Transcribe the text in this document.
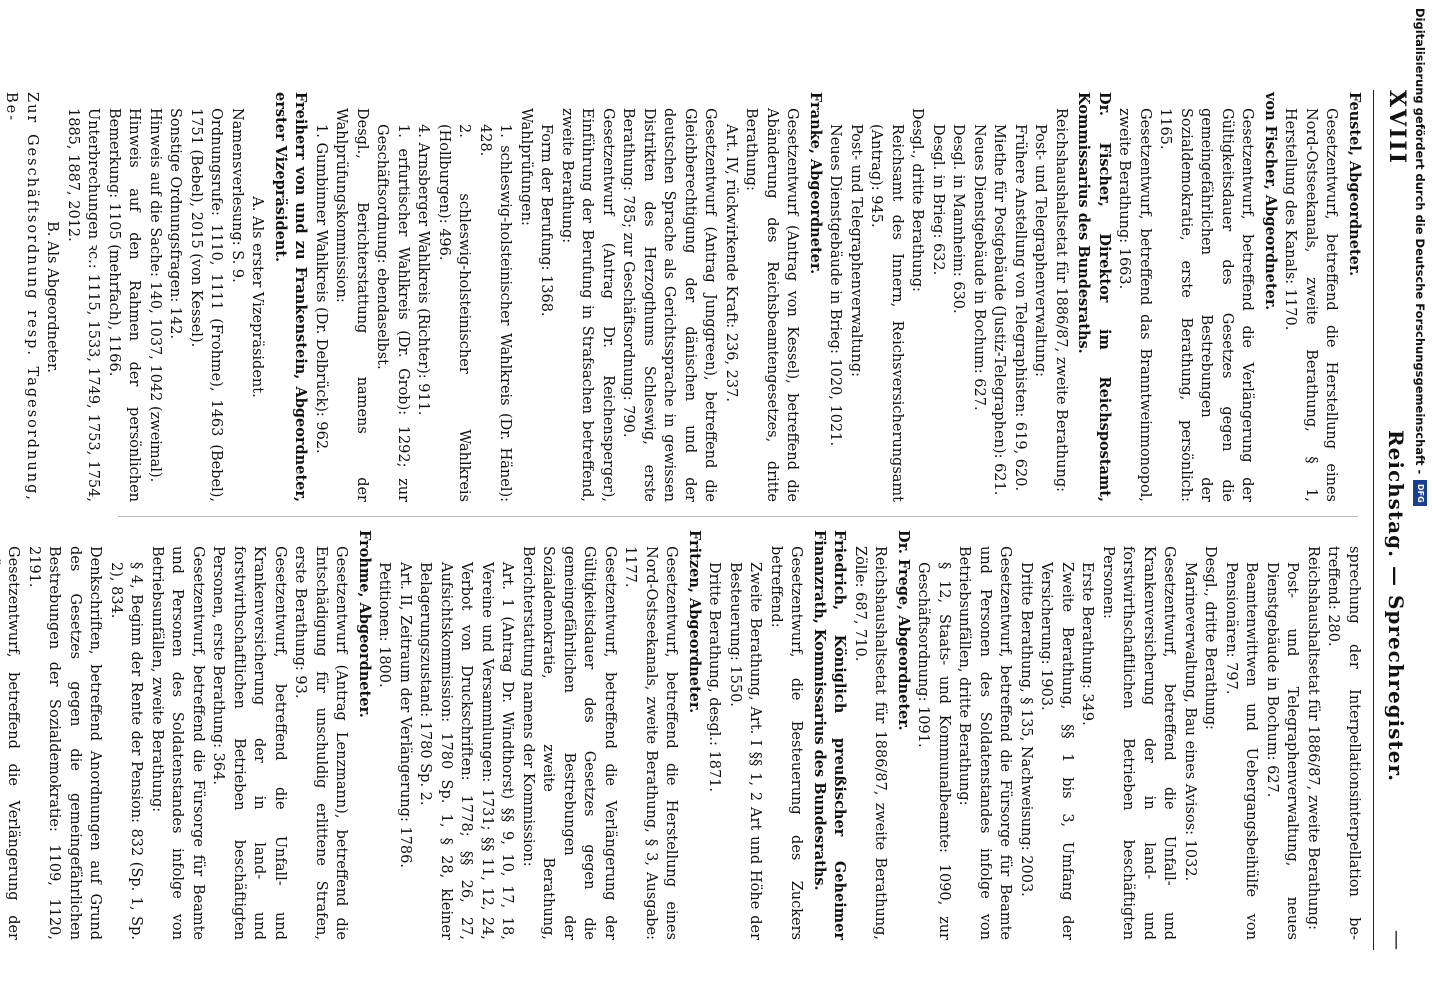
XVIII
Reichstag. — Sprechregister.
—
Feustel, Abgeordneter.
Gesetzentwurf, betreffend die Herstellung eines Nord-Ostseekanals, zweite Berathung, § 1, Herstellung des Kanals: 1170.
von Fischer, Abgeordneter.
Gesetzentwurf, betreffend die Verlängerung der Gültigkeitsdauer des Gesetzes gegen die gemeingefährlichen Bestrebungen der Sozialdemokratie, erste Berathung, persönlich: 1165.
Gesetzentwurf, betreffend das Branntweinmonopol, zweite Berathung: 1663.
Dr. Fischer, Direktor im Reichspostamt, Kommissarius des Bundesraths.
Reichshaushaltsetat für 1886/87, zweite Berathung:
Post- und Telegraphenverwaltung:
Frühere Anstellung von Telegraphisten: 619, 620.
Miethe für Postgebäude (Justiz-Telegraphen): 621.
Neues Dienstgebäude in Bochum: 627.
Desgl. in Mannheim: 630.
Desgl. in Brieg: 632.
Desgl., dritte Berathung:
Reichsamt des Innern, Reichsversicherungsamt (Antrag): 945.
Post- und Telegraphenverwaltung:
Neues Dienstgebäude in Brieg: 1020, 1021.
Franke, Abgeordneter.
Gesetzentwurf (Antrag von Kessel), betreffend die Abänderung des Reichsbeamtengesetzes, dritte Berathung:
Art. IV, rückwirkende Kraft: 236, 237.
Gesetzentwurf (Antrag Junggreen), betreffend die Gleichberechtigung der dänischen und der deutschen Sprache als Gerichtssprache in gewissen Distrikten des Herzogthums Schleswig, erste Berathung: 785; zur Geschäftsordnung: 790.
Gesetzentwurf (Antrag Dr. Reichensperger), Einführung der Berufung in Strafsachen betreffend, zweite Berathung:
Form der Berufung: 1368.
Wahlprüfungen:
1. schleswig-holsteinischer Wahlkreis (Dr. Hänel): 428.
2. schleswig-holsteinischer Wahlkreis (Hollburgen): 496.
4. Arnsberger Wahlkreis (Richter): 911.
1. erfurtischer Wahlkreis (Dr. Grob): 1292; zur Geschäftsordnung: ebendaselbst.
Desgl., Berichterstattung namens der Wahlprüfungskommission:
1. Gumbinner Wahlkreis (Dr. Delbrück): 962.
Freiherr von und zu Frankenstein, Abgeordneter, erster Vizepräsident.
A. Als erster Vizepräsident.
Namensverlesung: S. 9.
Ordnungsrufe: 1110, 1111 (Frohme), 1463 (Bebel), 1751 (Bebel), 2015 (von Kessel).
Sonstige Ordnungsfragen: 142.
Hinweis auf die Sache: 140, 1037, 1042 (zweimal).
Hinweis auf den Rahmen der persönlichen Bemerkung: 1105 (mehrfach), 1166.
Unterbrechungen ꝛc.: 1115, 1533, 1749, 1753, 1754, 1885, 1887, 2012.
B. Als Abgeordneter.
Zur Geschäftsordnung resp. Tagesordnung, Be-
sprechung der Interpellationsinterpellation be-treffend: 280.
Reichshaushaltsetat für 1886/87, zweite Berathung:
Post- und Telegraphenverwaltung, neues Dienstgebäude in Bochum: 627.
Beamtenwittwen und Uebergangsbeihülfe von Pensionären: 797.
Desgl., dritte Berathung:
Marineverwaltung, Bau eines Avisos: 1032.
Gesetzentwurf, betreffend die Unfall- und Krankenversicherung der in land- und forstwirthschaftlichen Betrieben beschäftigten Personen:
Erste Berathung: 349.
Zweite Berathung, §§ 1 bis 3, Umfang der Versicherung: 1903.
Dritte Berathung, § 135, Nachweisung: 2003.
Gesetzentwurf, betreffend die Fürsorge für Beamte und Personen des Soldatenstandes infolge von Betriebsunfällen, dritte Berathung:
§ 12, Staats- und Kommunalbeamte: 1090, zur Geschäftsordnung: 1091.
Dr. Frege, Abgeordneter.
Reichshaushaltsetat für 1886/87, zweite Berathung, Zölle: 687, 710.
Friedrich, Königlich preußischer Geheimer Finanzrath, Kommissarius des Bundesraths.
Gesetzentwurf, die Besteuerung des Zuckers betreffend:
Zweite Berathung, Art. I §§ 1, 2 Art und Höhe der Besteuerung: 1550.
Dritte Berathung, desgl.: 1871.
Fritzen, Abgeordneter.
Gesetzentwurf, betreffend die Herstellung eines Nord-Ostseekanals, zweite Berathung, § 3, Ausgabe: 1177.
Gesetzentwurf, betreffend die Verlängerung der Gültigkeitsdauer des Gesetzes gegen die gemeingefährlichen Bestrebungen der Sozialdemokratie, zweite Berathung, Berichterstattung namens der Kommission:
Art. 1 (Antrag Dr. Windthorst) §§ 9, 10, 17, 18, Vereine und Versammlungen: 1731; §§ 11, 12, 24, Verbot von Druckschriften: 1778; §§ 26, 27, Aufsichtskommission: 1780 Sp. 1, § 28, kleiner Belagerungszustand: 1780 Sp. 2.
Art. II, Zeitraum der Verlängerung: 1786.
Petitionen: 1800.
Frohme, Abgeordneter.
Gesetzentwurf (Antrag Lenzmann), betreffend die Entschädigung für unschuldig erlittene Strafen, erste Berathung: 93.
Gesetzentwurf, betreffend die Unfall- und Krankenversicherung der in land- und forstwirthschaftlichen Betrieben beschäftigten Personen, erste Berathung: 364.
Gesetzentwurf, betreffend die Fürsorge für Beamte und Personen des Soldatenstandes infolge von Betriebsunfällen, zweite Berathung:
§ 4, Beginn der Rente der Pension: 832 (Sp. 1, Sp. 2), 834.
Denkschriften, betreffend Anordnungen auf Grund des Gesetzes gegen die gemeingefährlichen Bestrebungen der Sozialdemokratie: 1109, 1120, 2191.
Gesetzentwurf, betreffend die Verlängerung der
Digitalisierung gefördert durch die Deutsche Forschungsgemeinschaft -
DFG
